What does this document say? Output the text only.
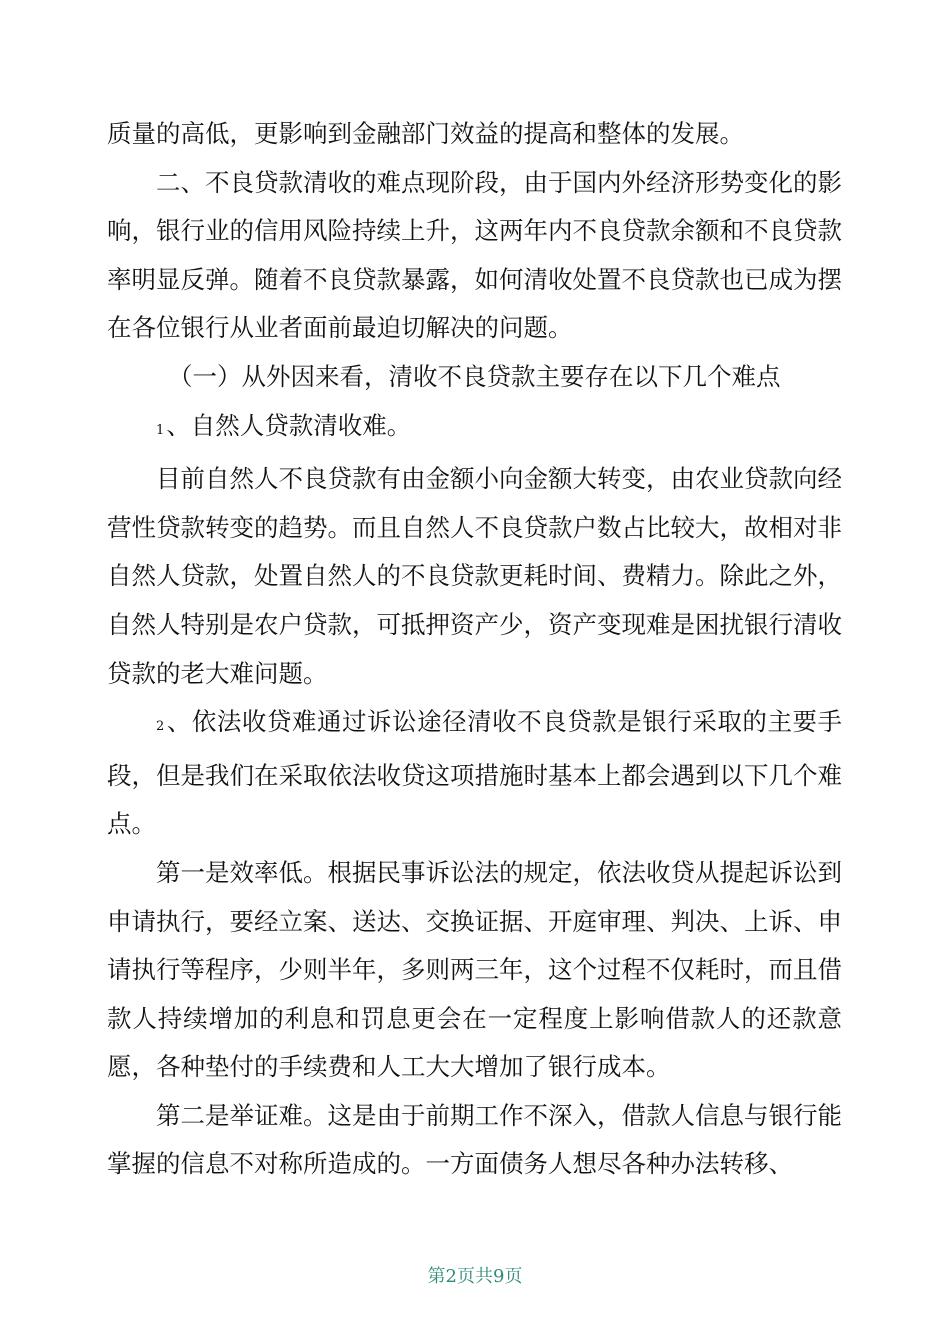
质量的高低，更影响到金融部门效益的提高和整体的发展。

二、不良贷款清收的难点现阶段，由于国内外经济形势变化的影响，银行业的信用风险持续上升，这两年内不良贷款余额和不良贷款率明显反弹。随着不良贷款暴露，如何清收处置不良贷款也已成为摆在各位银行从业者面前最迫切解决的问题。

（一）从外因来看，清收不良贷款主要存在以下几个难点

1、自然人贷款清收难。

目前自然人不良贷款有由金额小向金额大转变，由农业贷款向经营性贷款转变的趋势。而且自然人不良贷款户数占比较大，故相对非自然人贷款，处置自然人的不良贷款更耗时间、费精力。除此之外，自然人特别是农户贷款，可抵押资产少，资产变现难是困扰银行清收贷款的老大难问题。

2、依法收贷难通过诉讼途径清收不良贷款是银行采取的主要手段，但是我们在采取依法收贷这项措施时基本上都会遇到以下几个难点。

第一是效率低。根据民事诉讼法的规定，依法收贷从提起诉讼到申请执行，要经立案、送达、交换证据、开庭审理、判决、上诉、申请执行等程序，少则半年，多则两三年，这个过程不仅耗时，而且借款人持续增加的利息和罚息更会在一定程度上影响借款人的还款意愿，各种垫付的手续费和人工大大增加了银行成本。

第二是举证难。这是由于前期工作不深入，借款人信息与银行能掌握的信息不对称所造成的。一方面债务人想尽各种办法转移、

第2页共9页
